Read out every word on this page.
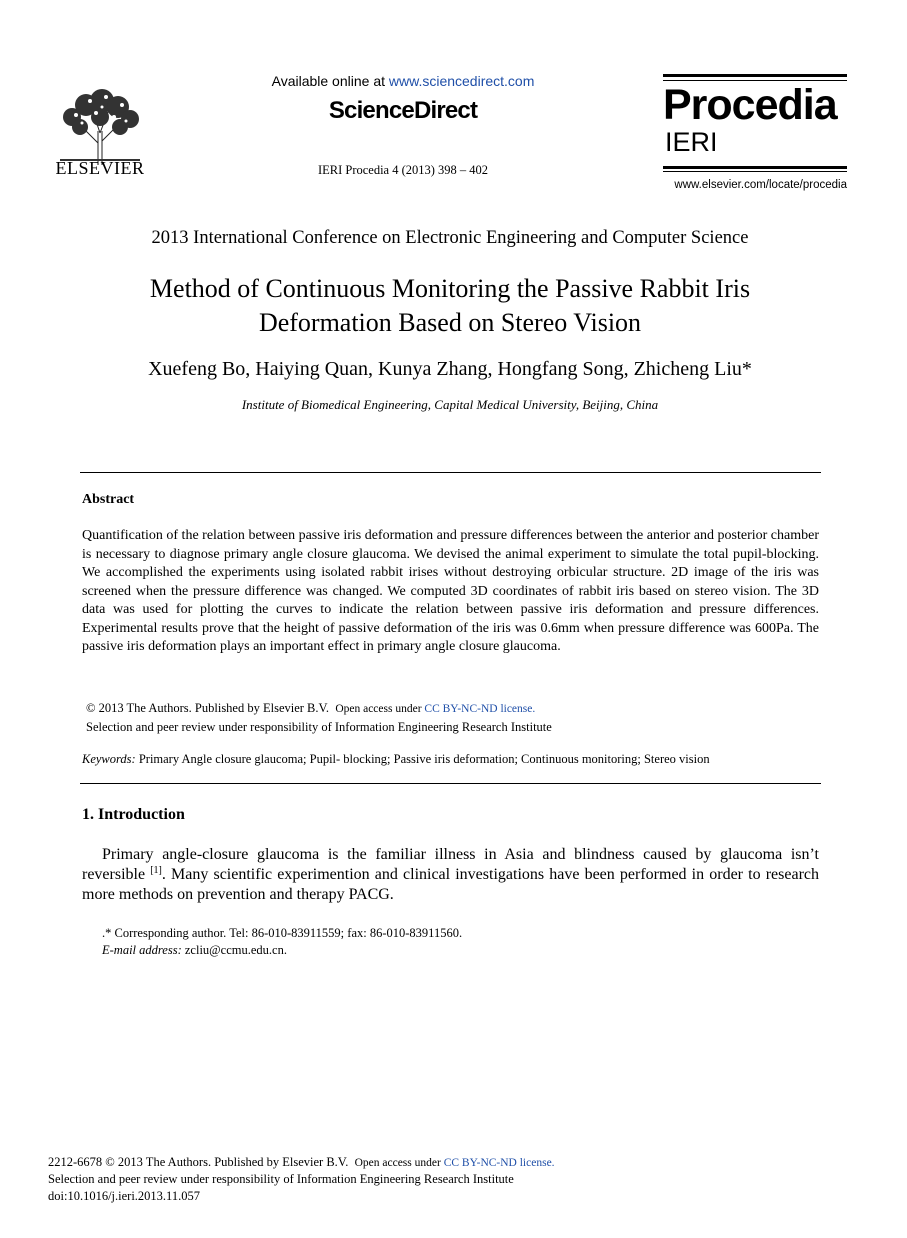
ELSEVIER
Available online at www.sciencedirect.com
ScienceDirect
IERI Procedia 4 (2013) 398 – 402
Procedia
IERI
www.elsevier.com/locate/procedia
2013 International Conference on Electronic Engineering and Computer Science
Method of Continuous Monitoring the Passive Rabbit Iris
Deformation Based on Stereo Vision
Xuefeng Bo, Haiying Quan, Kunya Zhang, Hongfang Song, Zhicheng Liu*
Institute of Biomedical Engineering, Capital Medical University, Beijing, China
Abstract
Quantification of the relation between passive iris deformation and pressure differences between the anterior and posterior chamber is necessary to diagnose primary angle closure glaucoma. We devised the animal experiment to simulate the total pupil-blocking. We accomplished the experiments using isolated rabbit irises without destroying orbicular structure. 2D image of the iris was screened when the pressure difference was changed. We computed 3D coordinates of rabbit iris based on stereo vision. The 3D data was used for plotting the curves to indicate the relation between passive iris deformation and pressure differences. Experimental results prove that the height of passive deformation of the iris was 0.6mm when pressure difference was 600Pa. The passive iris deformation plays an important effect in primary angle closure glaucoma.
© 2013 The Authors. Published by Elsevier B.V. Open access under CC BY-NC-ND license.
Selection and peer review under responsibility of Information Engineering Research Institute
Keywords: Primary Angle closure glaucoma; Pupil- blocking; Passive iris deformation; Continuous monitoring; Stereo vision
1. Introduction
Primary angle-closure glaucoma is the familiar illness in Asia and blindness caused by glaucoma isn’t reversible [1]. Many scientific experimention and clinical investigations have been performed in order to research more methods on prevention and therapy PACG.
.* Corresponding author. Tel: 86-010-83911559; fax: 86-010-83911560.
E-mail address: zcliu@ccmu.edu.cn.
2212-6678 © 2013 The Authors. Published by Elsevier B.V. Open access under CC BY-NC-ND license.
Selection and peer review under responsibility of Information Engineering Research Institute
doi:10.1016/j.ieri.2013.11.057
